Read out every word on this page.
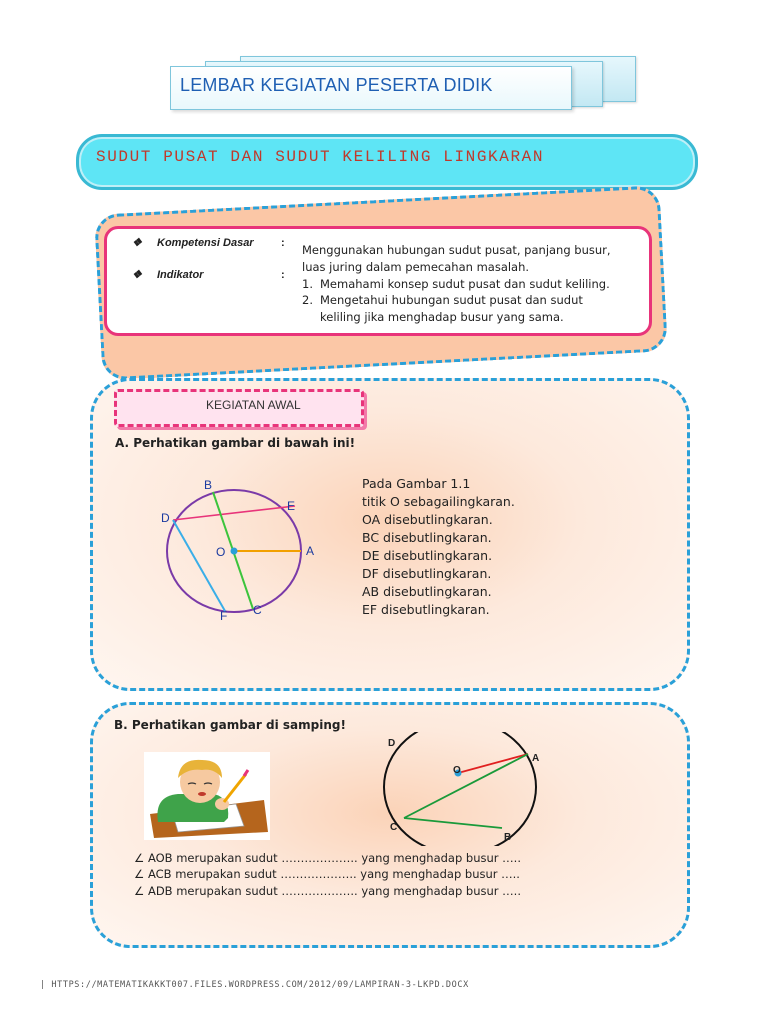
LEMBAR KEGIATAN PESERTA DIDIK
SUDUT PUSAT DAN SUDUT KELILING LINGKARAN
❖ Kompetensi Dasar : Menggunakan hubungan sudut pusat, panjang busur,
luas juring dalam pemecahan masalah.
❖ Indikator	:
1. Memahami konsep sudut pusat dan sudut keliling.
2. Mengetahui hubungan sudut pusat dan sudut
keliling jika menghadap busur yang sama.
KEGIATAN AWAL
A. Perhatikan gambar di bawah ini!
B
E
D
O	A
F C
Pada Gambar 1.1
titik O sebagailingkaran.
OA disebutlingkaran.
BC disebutlingkaran.
DE disebutlingkaran.
DF disebutlingkaran.
AB disebutlingkaran.
EF disebutlingkaran.
B. Perhatikan gambar di samping!
D
A
O
C
B
∠ AOB merupakan sudut ……………….. yang menghadap busur …..
∠ ACB merupakan sudut ……………….. yang menghadap busur …..
∠ ADB merupakan sudut ……………….. yang menghadap busur …..
| HTTPS://MATEMATIKAKKT007.FILES.WORDPRESS.COM/2012/09/LAMPIRAN-3-LKPD.DOCX
